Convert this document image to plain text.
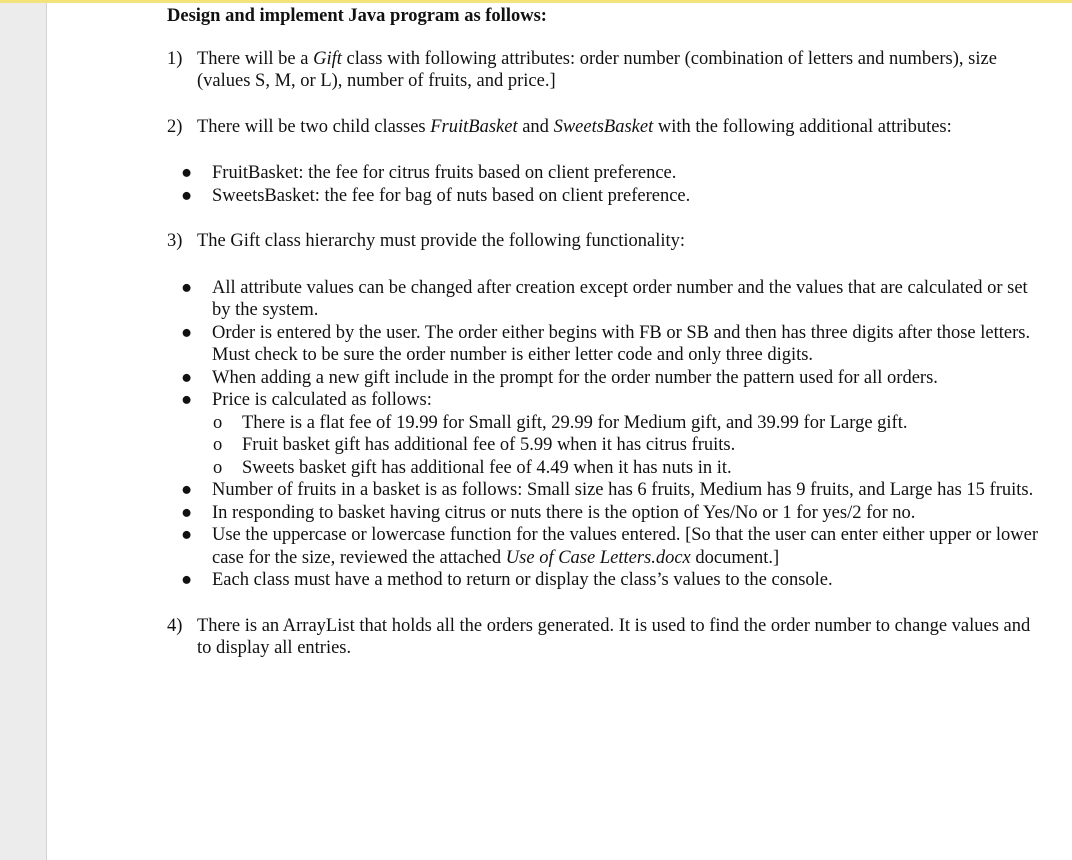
Design and implement Java program as follows:

1) There will be a Gift class with following attributes: order number (combination of letters and numbers), size (values S, M, or L), number of fruits, and price.]

2) There will be two child classes FruitBasket and SweetsBasket with the following additional attributes:

● FruitBasket: the fee for citrus fruits based on client preference.
● SweetsBasket: the fee for bag of nuts based on client preference.
3) The Gift class hierarchy must provide the following functionality:

● All attribute values can be changed after creation except order number and the values that are calculated or set by the system.
● Order is entered by the user. The order either begins with FB or SB and then has three digits after those letters. Must check to be sure the order number is either letter code and only three digits.
● When adding a new gift include in the prompt for the order number the pattern used for all orders.
● Price is calculated as follows:
o There is a flat fee of 19.99 for Small gift, 29.99 for Medium gift, and 39.99 for Large gift.
o Fruit basket gift has additional fee of 5.99 when it has citrus fruits.
o Sweets basket gift has additional fee of 4.49 when it has nuts in it.
● Number of fruits in a basket is as follows: Small size has 6 fruits, Medium has 9 fruits, and Large has 15 fruits.
● In responding to basket having citrus or nuts there is the option of Yes/No or 1 for yes/2 for no.
● Use the uppercase or lowercase function for the values entered. [So that the user can enter either upper or lower case for the size, reviewed the attached Use of Case Letters.docx document.]
● Each class must have a method to return or display the class’s values to the console.
4) There is an ArrayList that holds all the orders generated. It is used to find the order number to change values and to display all entries.
